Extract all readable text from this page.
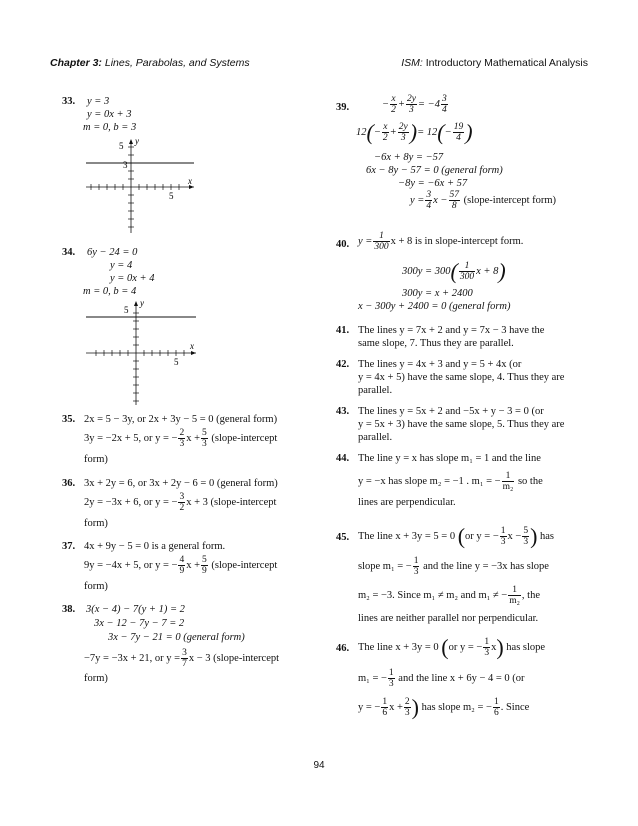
Chapter 3: Lines, Parabolas, and Systems	ISM: Introductory Mathematical Analysis
33. y = 3
y = 0x + 3
m = 0, b = 3
y
5
3
x
5
34. 6y − 24 = 0
y = 4
y = 0x + 4
m = 0, b = 4
y
5
x
5
35. 2x = 5 − 3y, or 2x + 3y − 5 = 0 (general form)
3y = −2x + 5, or y = − $\frac{2}{3}$ $x + \frac{5}{3}$ (slope-intercept
form)
36. 3x + 2y = 6, or 3x + 2y − 6 = 0 (general form)
2y = −3x + 6, or y = − $\frac{3}{2}$ x + 3 (slope-intercept
form)
37. 4x + 9y − 5 = 0 is a general form.
9y = −4x + 5, or y = − $\frac{4}{9}$ $x + \frac{5}{9}$ (slope-intercept
form)
38. 3(x − 4) − 7(y + 1) = 2
3x − 12 − 7y − 7 = 2
3x − 7y − 21 = 0 (general form)
−7y = −3x + 21, or $y = \frac{3}{7}$ x − 3 (slope-intercept
form)
39.	− $\frac{x}{2} + \frac{2y}{3} = -4 \frac{3}{4}$
$12(- \frac{x}{2} + \frac{2y}{3}$ )= $12(- \frac{19}{4}$ )
−6x + 8y = −57
6x − 8y − 57 = 0 (general form)
−8y = −6x + 57
$y = \frac{3}{4}$ $x - \frac{57}{8}$ (slope-intercept form)
40. $y = \frac{1}{300}$ x + 8 is in slope-intercept form.
$300y = 300( \frac{1}{300}$ x + 8)
300y = x + 2400
x − 300y + 2400 = 0 (general form)
41. The lines y = 7x + 2 and y = 7x − 3 have the
same slope, 7. Thus they are parallel.
42. The lines y = 4x + 3 and y = 5 + 4x (or
y = 4x + 5) have the same slope, 4. Thus they are
parallel.
43. The lines y = 5x + 2 and −5x + y − 3 = 0 (or
y = 5x + 3) have the same slope, 5. Thus they are
parallel.
44. The line y = x has slope m₁ = 1 and the line
y = −x has slope m₂ = −1 . m₁ = − $\frac{1}{\text{m₂}}$ so the
lines are perpendicular.
45. The line x + 3y = 5 = 0 (or y = − $\frac{1}{3}$ $x - \frac{5}{3}$ ) has
slope m₁ = − $\frac{1}{3}$ and the line y = −3x has slope
m₂ = −3. Since m₁ ≠ m₂ and m₁ ≠ − $\frac{1}{\text{m₂}}$ , the
lines are neither parallel nor perpendicular.
46. The line x + 3y = 0 (or y = − $\frac{1}{3} x$) has slope
m₁ = − $\frac{1}{3}$ and the line x + 6y − 4 = 0 (or
y = − $\frac{1}{6}$ $x + \frac{2}{3}$ ) has slope m₂ = − $\frac{1}{6}$ . Since
94
